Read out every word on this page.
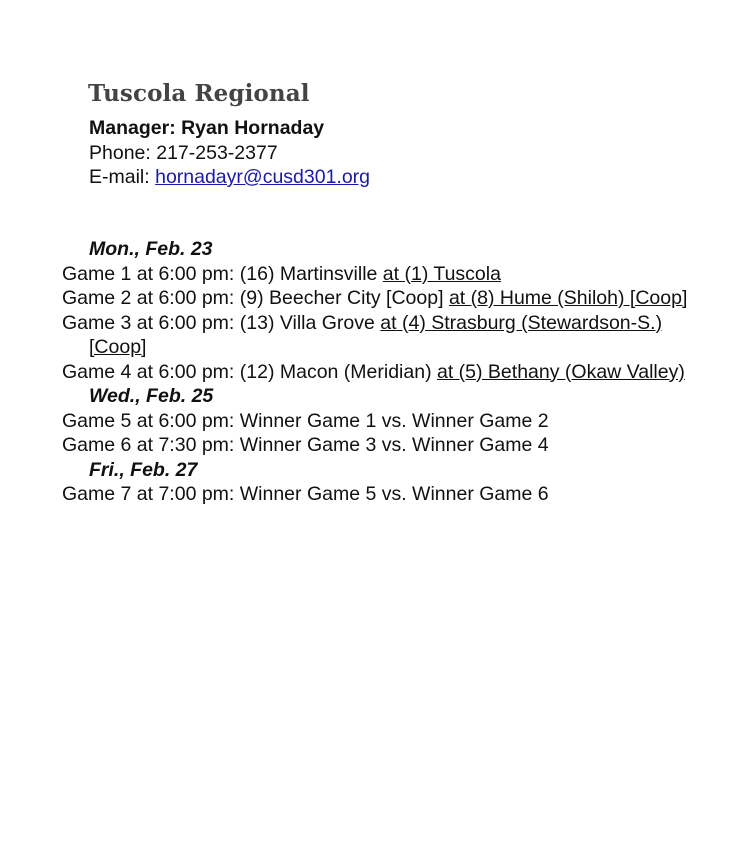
Tuscola Regional
Manager: Ryan Hornaday
Phone: 217-253-2377
E-mail: hornadayr@cusd301.org
Mon., Feb. 23
Game 1 at 6:00 pm: (16) Martinsville at (1) Tuscola
Game 2 at 6:00 pm: (9) Beecher City [Coop] at (8) Hume (Shiloh) [Coop]
Game 3 at 6:00 pm: (13) Villa Grove at (4) Strasburg (Stewardson-S.) [Coop]
Game 4 at 6:00 pm: (12) Macon (Meridian) at (5) Bethany (Okaw Valley)
Wed., Feb. 25
Game 5 at 6:00 pm: Winner Game 1 vs. Winner Game 2
Game 6 at 7:30 pm: Winner Game 3 vs. Winner Game 4
Fri., Feb. 27
Game 7 at 7:00 pm: Winner Game 5 vs. Winner Game 6
